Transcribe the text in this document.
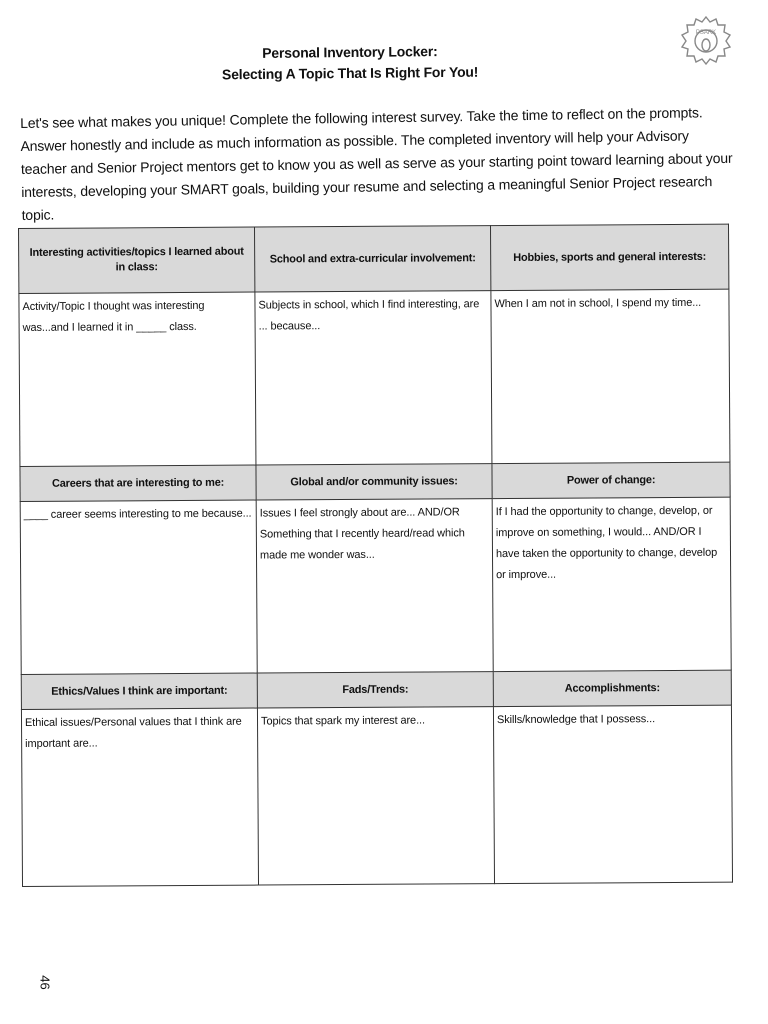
PSARK
Personal Inventory Locker:
Selecting A Topic That Is Right For You!
Let's see what makes you unique! Complete the following interest survey. Take the time to reflect on the prompts. Answer honestly and include as much information as possible. The completed inventory will help your Advisory teacher and Senior Project mentors get to know you as well as serve as your starting point toward learning about your interests, developing your SMART goals, building your resume and selecting a meaningful Senior Project research topic.
Interesting activities/topics I learned about in class:	School and extra-curricular involvement:	Hobbies, sports and general interests:
Activity/Topic I thought was interesting was...and I learned it in _____ class.	Subjects in school, which I find interesting, are ... because...	When I am not in school, I spend my time...
Careers that are interesting to me:	Global and/or community issues:	Power of change:
____ career seems interesting to me because...	Issues I feel strongly about are... AND/OR Something that I recently heard/read which made me wonder was...	If I had the opportunity to change, develop, or improve on something, I would... AND/OR I have taken the opportunity to change, develop or improve...
Ethics/Values I think are important:	Fads/Trends:	Accomplishments:
Ethical issues/Personal values that I think are important are...	Topics that spark my interest are...	Skills/knowledge that I possess...
46
